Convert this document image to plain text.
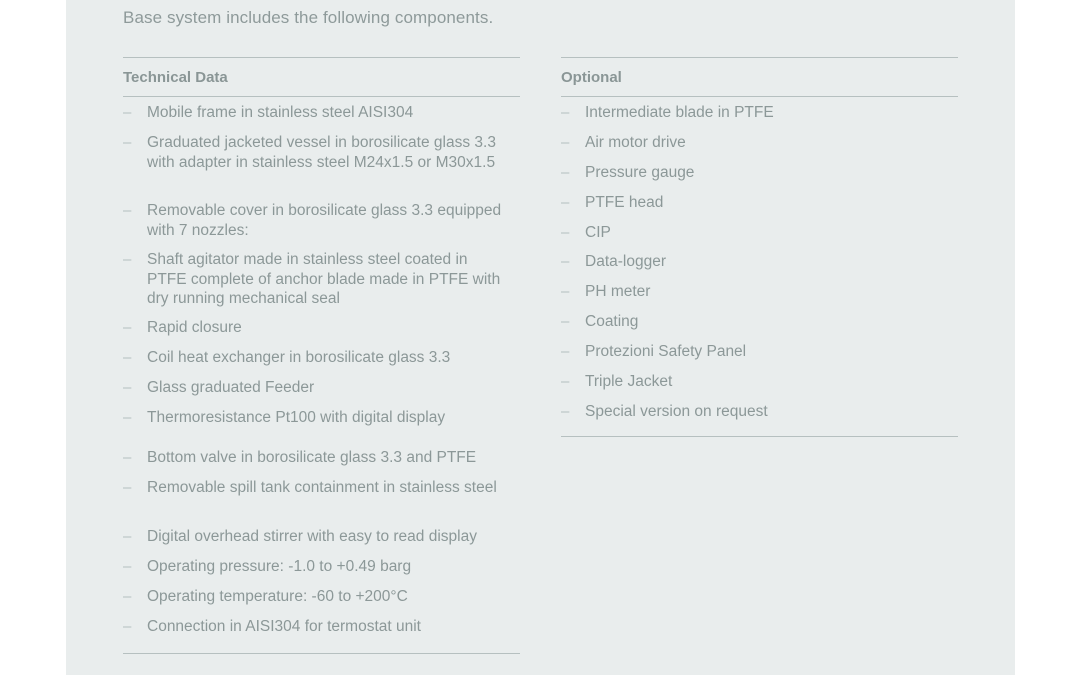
Base system includes the following components.
Technical Data
– Mobile frame in stainless steel AISI304
– Graduated jacketed vessel in borosilicate glass 3.3 with adapter in stainless steel M24x1.5 or M30x1.5
– Removable cover in borosilicate glass 3.3 equipped with 7 nozzles:
– Shaft agitator made in stainless steel coated in PTFE complete of anchor blade made in PTFE with dry running mechanical seal
– Rapid closure
– Coil heat exchanger in borosilicate glass 3.3
– Glass graduated Feeder
– Thermoresistance Pt100 with digital display
– Bottom valve in borosilicate glass 3.3 and PTFE
– Removable spill tank containment in stainless steel
– Digital overhead stirrer with easy to read display
– Operating pressure: -1.0 to +0.49 barg
– Operating temperature: -60 to +200°C
– Connection in AISI304 for termostat unit
Optional
– Intermediate blade in PTFE
– Air motor drive
– Pressure gauge
– PTFE head
– CIP
– Data-logger
– PH meter
– Coating
– Protezioni Safety Panel
– Triple Jacket
– Special version on request
